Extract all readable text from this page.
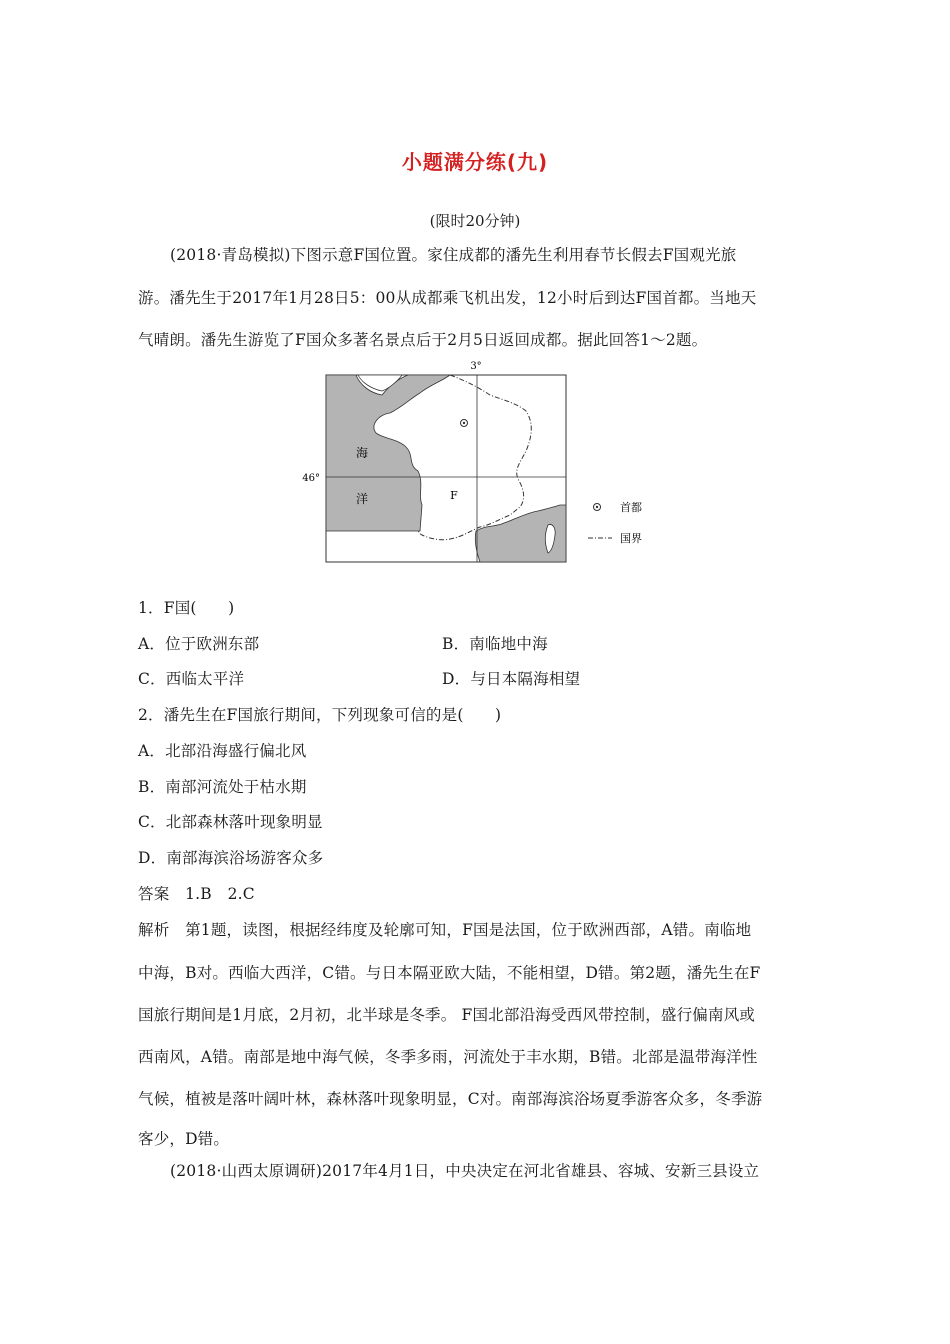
小题满分练(九)
(限时20分钟)
(2018·青岛模拟)下图示意F国位置。家住成都的潘先生利用春节长假去F国观光旅
游。潘先生于2017年1月28日5：00从成都乘飞机出发，12小时后到达F国首都。当地天
气晴朗。潘先生游览了F国众多著名景点后于2月5日返回成都。据此回答1～2题。
3°
46°
海
洋	F
首都
国界
1．F国(　　)
A．位于欧洲东部	B．南临地中海
C．西临太平洋	D．与日本隔海相望
2．潘先生在F国旅行期间，下列现象可信的是(　　)
A．北部沿海盛行偏北风
B．南部河流处于枯水期
C．北部森林落叶现象明显
D．南部海滨浴场游客众多
答案　1.B　2.C
解析　第1题，读图，根据经纬度及轮廓可知，F国是法国，位于欧洲西部，A错。南临地
中海，B对。西临大西洋，C错。与日本隔亚欧大陆，不能相望，D错。第2题，潘先生在F
国旅行期间是1月底，2月初，北半球是冬季。 F国北部沿海受西风带控制，盛行偏南风或
西南风，A错。南部是地中海气候，冬季多雨，河流处于丰水期，B错。北部是温带海洋性
气候，植被是落叶阔叶林，森林落叶现象明显，C对。南部海滨浴场夏季游客众多，冬季游
客少，D错。
(2018·山西太原调研)2017年4月1日，中央决定在河北省雄县、容城、安新三县设立
